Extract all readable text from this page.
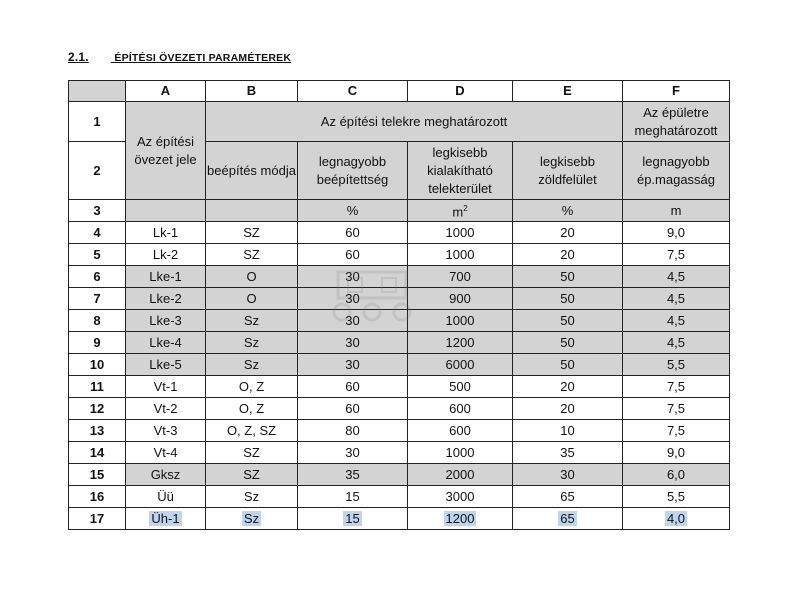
2.1. ÉPÍTÉSI ÖVEZETI PARAMÉTEREK
	A	B	C	D	E	F
1	Az építési övezet jele	Az építési telekre meghatározott				Az épületre meghatározott
2		beépítés módja	legnagyobb beépítettség	legkisebb kialakítható telekterület	legkisebb zöldfelület	legnagyobb ép.magasság
3			%	$m^2$	%	m
4	Lk-1	SZ	60	1000	20	9,0
5	Lk-2	SZ	60	1000	20	7,5
6	Lke-1	O	30	700	50	4,5
7	Lke-2	O	30	900	50	4,5
8	Lke-3	Sz	30	1000	50	4,5
9	Lke-4	Sz	30	1200	50	4,5
10	Lke-5	Sz	30	6000	50	5,5
11	Vt-1	O, Z	60	500	20	7,5
12	Vt-2	O, Z	60	600	20	7,5
13	Vt-3	O, Z, SZ	80	600	10	7,5
14	Vt-4	SZ	30	1000	35	9,0
15	Gksz	SZ	35	2000	30	6,0
16	Üü	Sz	15	3000	65	5,5
17	Üh-1	Sz	15	1200	65	4,0
